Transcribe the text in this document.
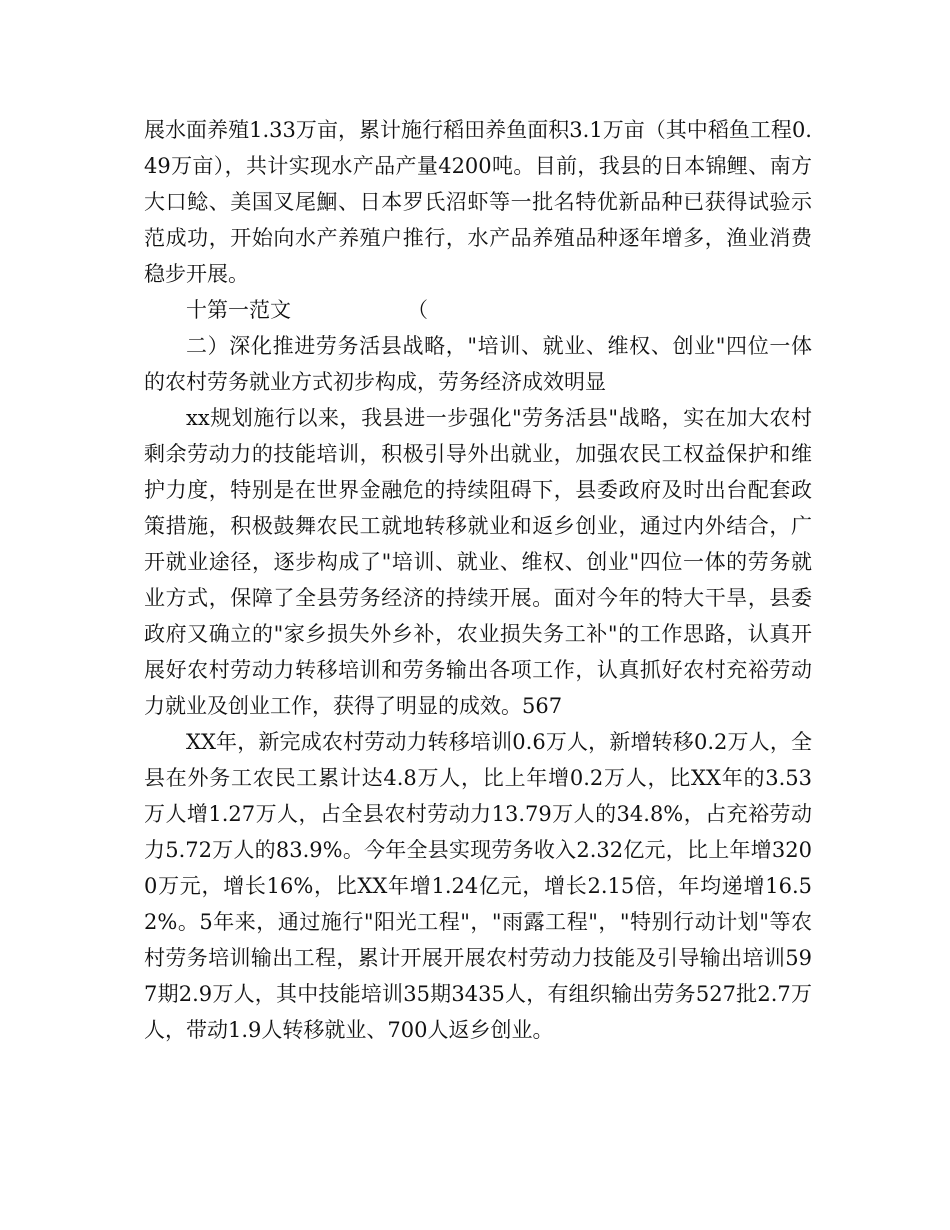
展水面养殖1.33万亩，累计施行稻田养鱼面积3.1万亩（其中稻鱼工程0.49万亩），共计实现水产品产量4200吨。目前，我县的日本锦鲤、南方大口鲶、美国叉尾鮰、日本罗氏沼虾等一批名特优新品种已获得试验示范成功，开始向水产养殖户推行，水产品养殖品种逐年增多，渔业消费稳步开展。

十第一范文	（

二）深化推进劳务活县战略，"培训、就业、维权、创业"四位一体的农村劳务就业方式初步构成，劳务经济成效明显

xx规划施行以来，我县进一步强化"劳务活县"战略，实在加大农村剩余劳动力的技能培训，积极引导外出就业，加强农民工权益保护和维护力度，特别是在世界金融危的持续阻碍下，县委政府及时出台配套政策措施，积极鼓舞农民工就地转移就业和返乡创业，通过内外结合，广开就业途径，逐步构成了"培训、就业、维权、创业"四位一体的劳务就业方式，保障了全县劳务经济的持续开展。面对今年的特大干旱，县委政府又确立的"家乡损失外乡补，农业损失务工补"的工作思路，认真开展好农村劳动力转移培训和劳务输出各项工作，认真抓好农村充裕劳动力就业及创业工作，获得了明显的成效。567

XX年，新完成农村劳动力转移培训0.6万人，新增转移0.2万人，全县在外务工农民工累计达4.8万人，比上年增0.2万人，比XX年的3.53万人增1.27万人，占全县农村劳动力13.79万人的34.8%，占充裕劳动力5.72万人的83.9%。今年全县实现劳务收入2.32亿元，比上年增3200万元，增长16%，比XX年增1.24亿元，增长2.15倍，年均递增16.52%。5年来，通过施行"阳光工程"，"雨露工程"，"特别行动计划"等农村劳务培训输出工程，累计开展开展农村劳动力技能及引导输出培训597期2.9万人，其中技能培训35期3435人，有组织输出劳务527批2.7万人，带动1.9人转移就业、700人返乡创业。
